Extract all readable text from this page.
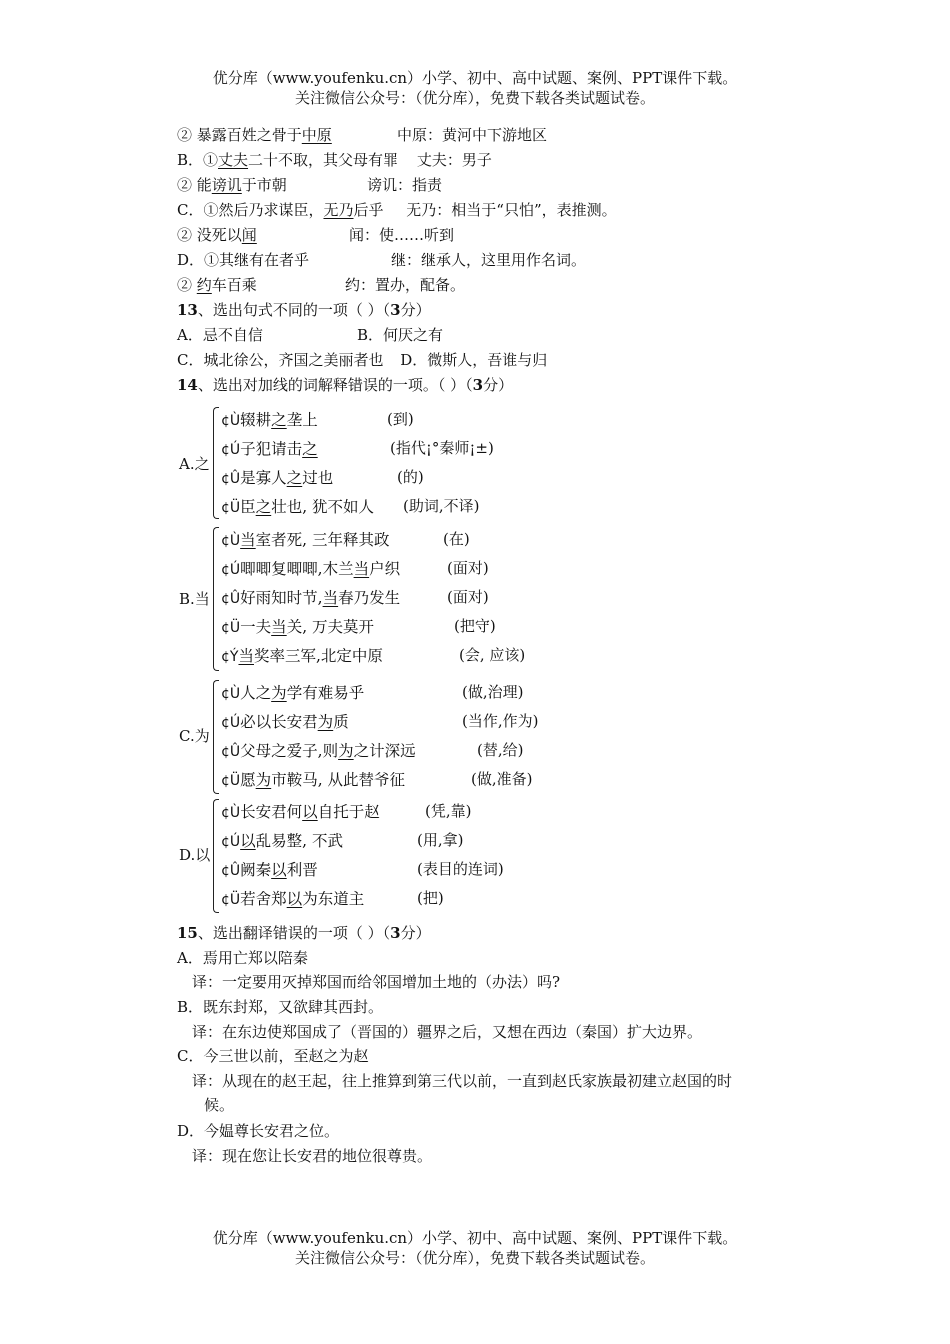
优分库（www.youfenku.cn）小学、初中、高中试题、案例、PPT课件下载。
关注微信公众号：（优分库），免费下载各类试题试卷。
② 暴露百姓之骨于中原	中原：黄河中下游地区
B．①丈夫二十不取，其父母有罪 丈夫：男子
② 能谤讥于市朝	谤讥：指责
C．①然后乃求谋臣，无乃后乎 无乃：相当于“只怕”，表推测。
② 没死以闻	闻：使……听到
D．①其继有在者乎	继：继承人，这里用作名词。
② 约车百乘	约：置办，配备。
13、选出句式不同的一项（ ）（3分）
A．忌不自信	B．何厌之有
C．城北徐公，齐国之美丽者也 D．微斯人，吾谁与归
14、选出对加线的词解释错误的一项。（ ）（3分）
A.之
¢Ù辍耕之垄上	(到)
¢Ú子犯请击之	(指代¡°秦师¡±)
¢Û是寡人之过也	(的)
¢Ü臣之壮也, 犹不如人 (助词,不译)
B.当
¢Ù当室者死, 三年释其政	(在)
¢Ú唧唧复唧唧,木兰当户织	(面对)
¢Û好雨知时节,当春乃发生	(面对)
¢Ü一夫当关, 万夫莫开	(把守)
¢Ý当奖率三军,北定中原	(会, 应该)
C.为
¢Ù人之为学有难易乎	(做,治理)
¢Ú必以长安君为质	(当作,作为)
¢Û父母之爱子,则为之计深远	(替,给)
¢Ü愿为市鞍马, 从此替爷征	(做,准备)
D.以
¢Ù长安君何以自托于赵	(凭,靠)
¢Ú以乱易整, 不武	(用,拿)
¢Û阙秦以利晋	(表目的连词)
¢Ü若舍郑以为东道主	(把)
15、选出翻译错误的一项（ ）（3分）
A．焉用亡郑以陪秦
译：一定要用灭掉郑国而给邻国增加土地的（办法）吗?
B．既东封郑，又欲肆其西封。
译：在东边使郑国成了（晋国的）疆界之后，又想在西边（秦国）扩大边界。
C．今三世以前，至赵之为赵
译：从现在的赵王起，往上推算到第三代以前，一直到赵氏家族最初建立赵国的时
候。
D．今媪尊长安君之位。
译：现在您让长安君的地位很尊贵。
优分库（www.youfenku.cn）小学、初中、高中试题、案例、PPT课件下载。
关注微信公众号：（优分库），免费下载各类试题试卷。
